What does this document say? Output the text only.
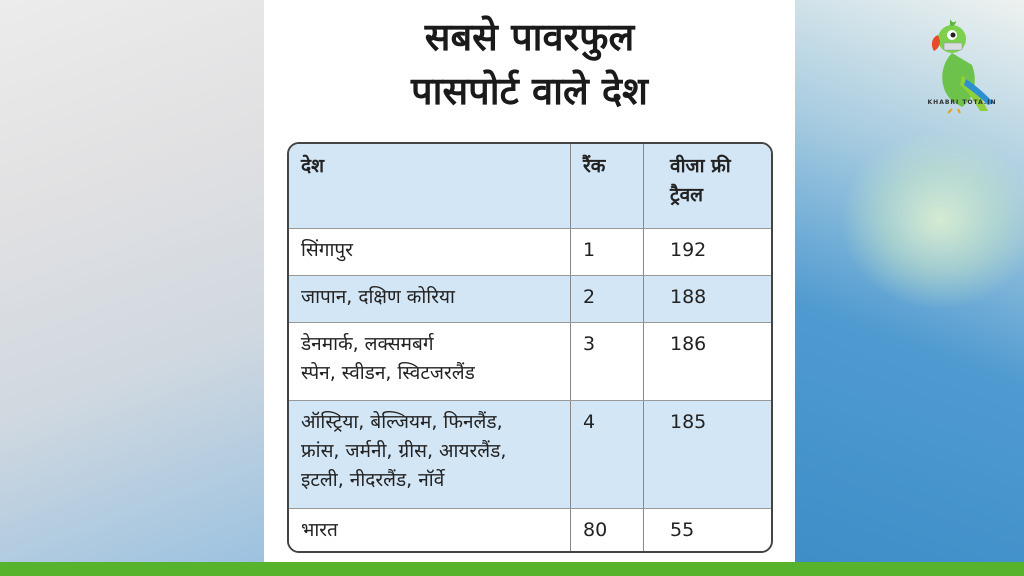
सबसे पावरफुल
पासपोर्ट वाले देश
देश	रैंक	वीजा फ्री
ट्रैवल
सिंगापुर	1	192
जापान, दक्षिण कोरिया	2	188
डेनमार्क, लक्समबर्ग
स्पेन, स्वीडन, स्विटजरलैंड
3	186
ऑस्ट्रिया, बेल्जियम, फिनलैंड,
फ्रांस, जर्मनी, ग्रीस, आयरलैंड,
इटली, नीदरलैंड, नॉर्वे
4	185
भारत	80	55
KHABRI TOTA.IN
